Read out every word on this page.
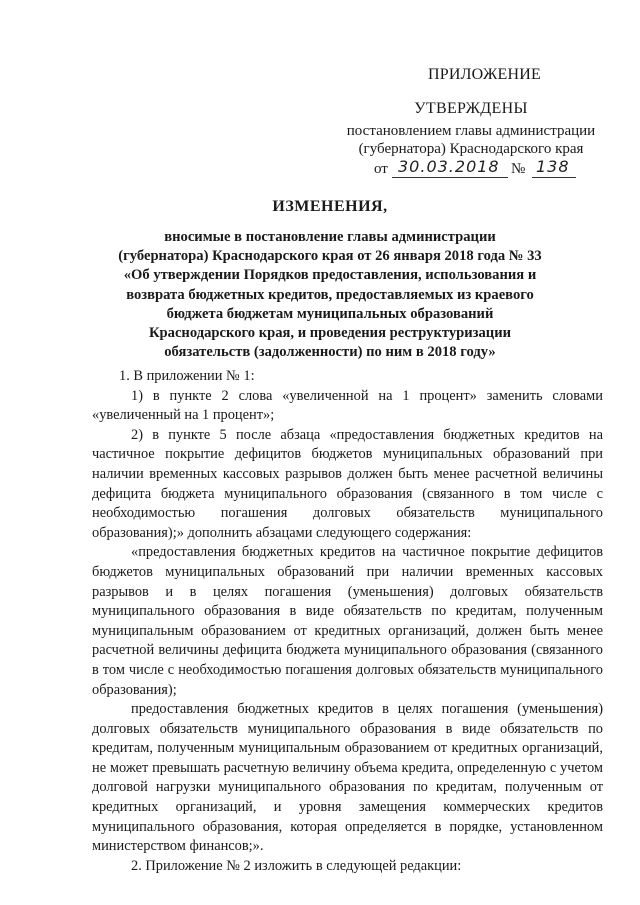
ПРИЛОЖЕНИЕ
УТВЕРЖДЕНЫ
постановлением главы администрации
(губернатора) Краснодарского края
от 30.03.2018 № 138
ИЗМЕНЕНИЯ,
вносимые в постановление главы администрации
(губернатора) Краснодарского края от 26 января 2018 года № 33
«Об утверждении Порядков предоставления, использования и
возврата бюджетных кредитов, предоставляемых из краевого
бюджета бюджетам муниципальных образований
Краснодарского края, и проведения реструктуризации
обязательств (задолженности) по ним в 2018 году»

1. В приложении № 1:

1) в пункте 2 слова «увеличенной на 1 процент» заменить словами «увеличенный на 1 процент»;

2) в пункте 5 после абзаца «предоставления бюджетных кредитов на частичное покрытие дефицитов бюджетов муниципальных образований при наличии временных кассовых разрывов должен быть менее расчетной величины дефицита бюджета муниципального образования (связанного в том числе с необходимостью погашения долговых обязательств муниципального образования);» дополнить абзацами следующего содержания:

«предоставления бюджетных кредитов на частичное покрытие дефицитов бюджетов муниципальных образований при наличии временных кассовых разрывов и в целях погашения (уменьшения) долговых обязательств муниципального образования в виде обязательств по кредитам, полученным муниципальным образованием от кредитных организаций, должен быть менее расчетной величины дефицита бюджета муниципального образования (связанного в том числе с необходимостью погашения долговых обязательств муниципального образования);

предоставления бюджетных кредитов в целях погашения (уменьшения) долговых обязательств муниципального образования в виде обязательств по кредитам, полученным муниципальным образованием от кредитных организаций, не может превышать расчетную величину объема кредита, определенную с учетом долговой нагрузки муниципального образования по кредитам, полученным от кредитных организаций, и уровня замещения коммерческих кредитов муниципального образования, которая определяется в порядке, установленном министерством финансов;».

2. Приложение № 2 изложить в следующей редакции:
